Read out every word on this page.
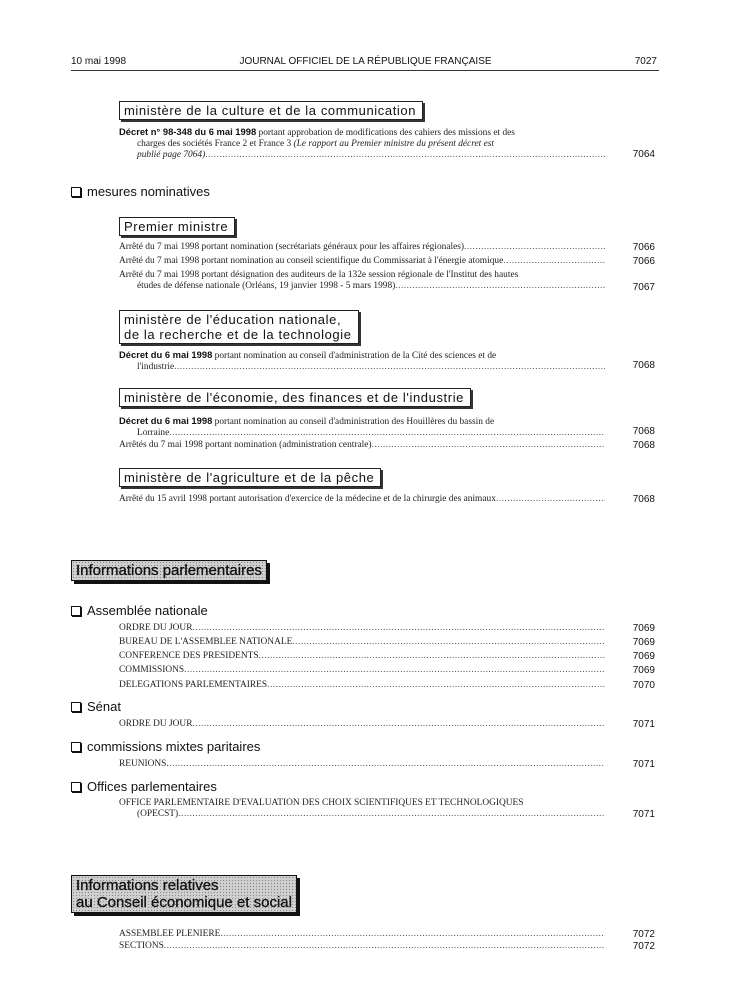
10 mai 1998	JOURNAL OFFICIEL DE LA RÉPUBLIQUE FRANÇAISE	7027
ministère de la culture et de la communication
Décret n° 98-348 du 6 mai 1998 portant approbation de modifications des cahiers des missions et des
charges des sociétés France 2 et France 3 (Le rapport au Premier ministre du présent décret est
publié page 7064) .....	7064
mesures nominatives
Premier ministre
Arrêté du 7 mai 1998 portant nomination (secrétariats généraux pour les affaires régionales) .....	7066
Arrêté du 7 mai 1998 portant nomination au conseil scientifique du Commissariat à l'énergie atomique .....	7066
Arrêté du 7 mai 1998 portant désignation des auditeurs de la 132e session régionale de l'Institut des hautes
études de défense nationale (Orléans, 19 janvier 1998 - 5 mars 1998) .....	7067
ministère de l'éducation nationale,
de la recherche et de la technologie
Décret du 6 mai 1998 portant nomination au conseil d'administration de la Cité des sciences et de
l'industrie .....	7068
ministère de l'économie, des finances et de l'industrie
Décret du 6 mai 1998 portant nomination au conseil d'administration des Houillères du bassin de
Lorraine .....	7068
Arrêtés du 7 mai 1998 portant nomination (administration centrale) .....	7068
ministère de l'agriculture et de la pêche
Arrêté du 15 avril 1998 portant autorisation d'exercice de la médecine et de la chirurgie des animaux .....	7068
Informations parlementaires
Assemblée nationale
ORDRE DU JOUR .....	7069
BUREAU DE L'ASSEMBLÉE NATIONALE .....	7069
CONFÉRENCE DES PRÉSIDENTS .....	7069
COMMISSIONS .....	7069
DÉLÉGATIONS PARLEMENTAIRES .....	7070
Sénat
ORDRE DU JOUR .....	7071
commissions mixtes paritaires
RÉUNIONS .....	7071
Offices parlementaires
OFFICE PARLEMENTAIRE D'ÉVALUATION DES CHOIX SCIENTIFIQUES ET TECHNOLOGIQUES
(OPECST) .....	7071
Informations relatives
au Conseil économique et social
ASSEMBLÉE PLÉNIÈRE .....	7072
SECTIONS .....	7072
